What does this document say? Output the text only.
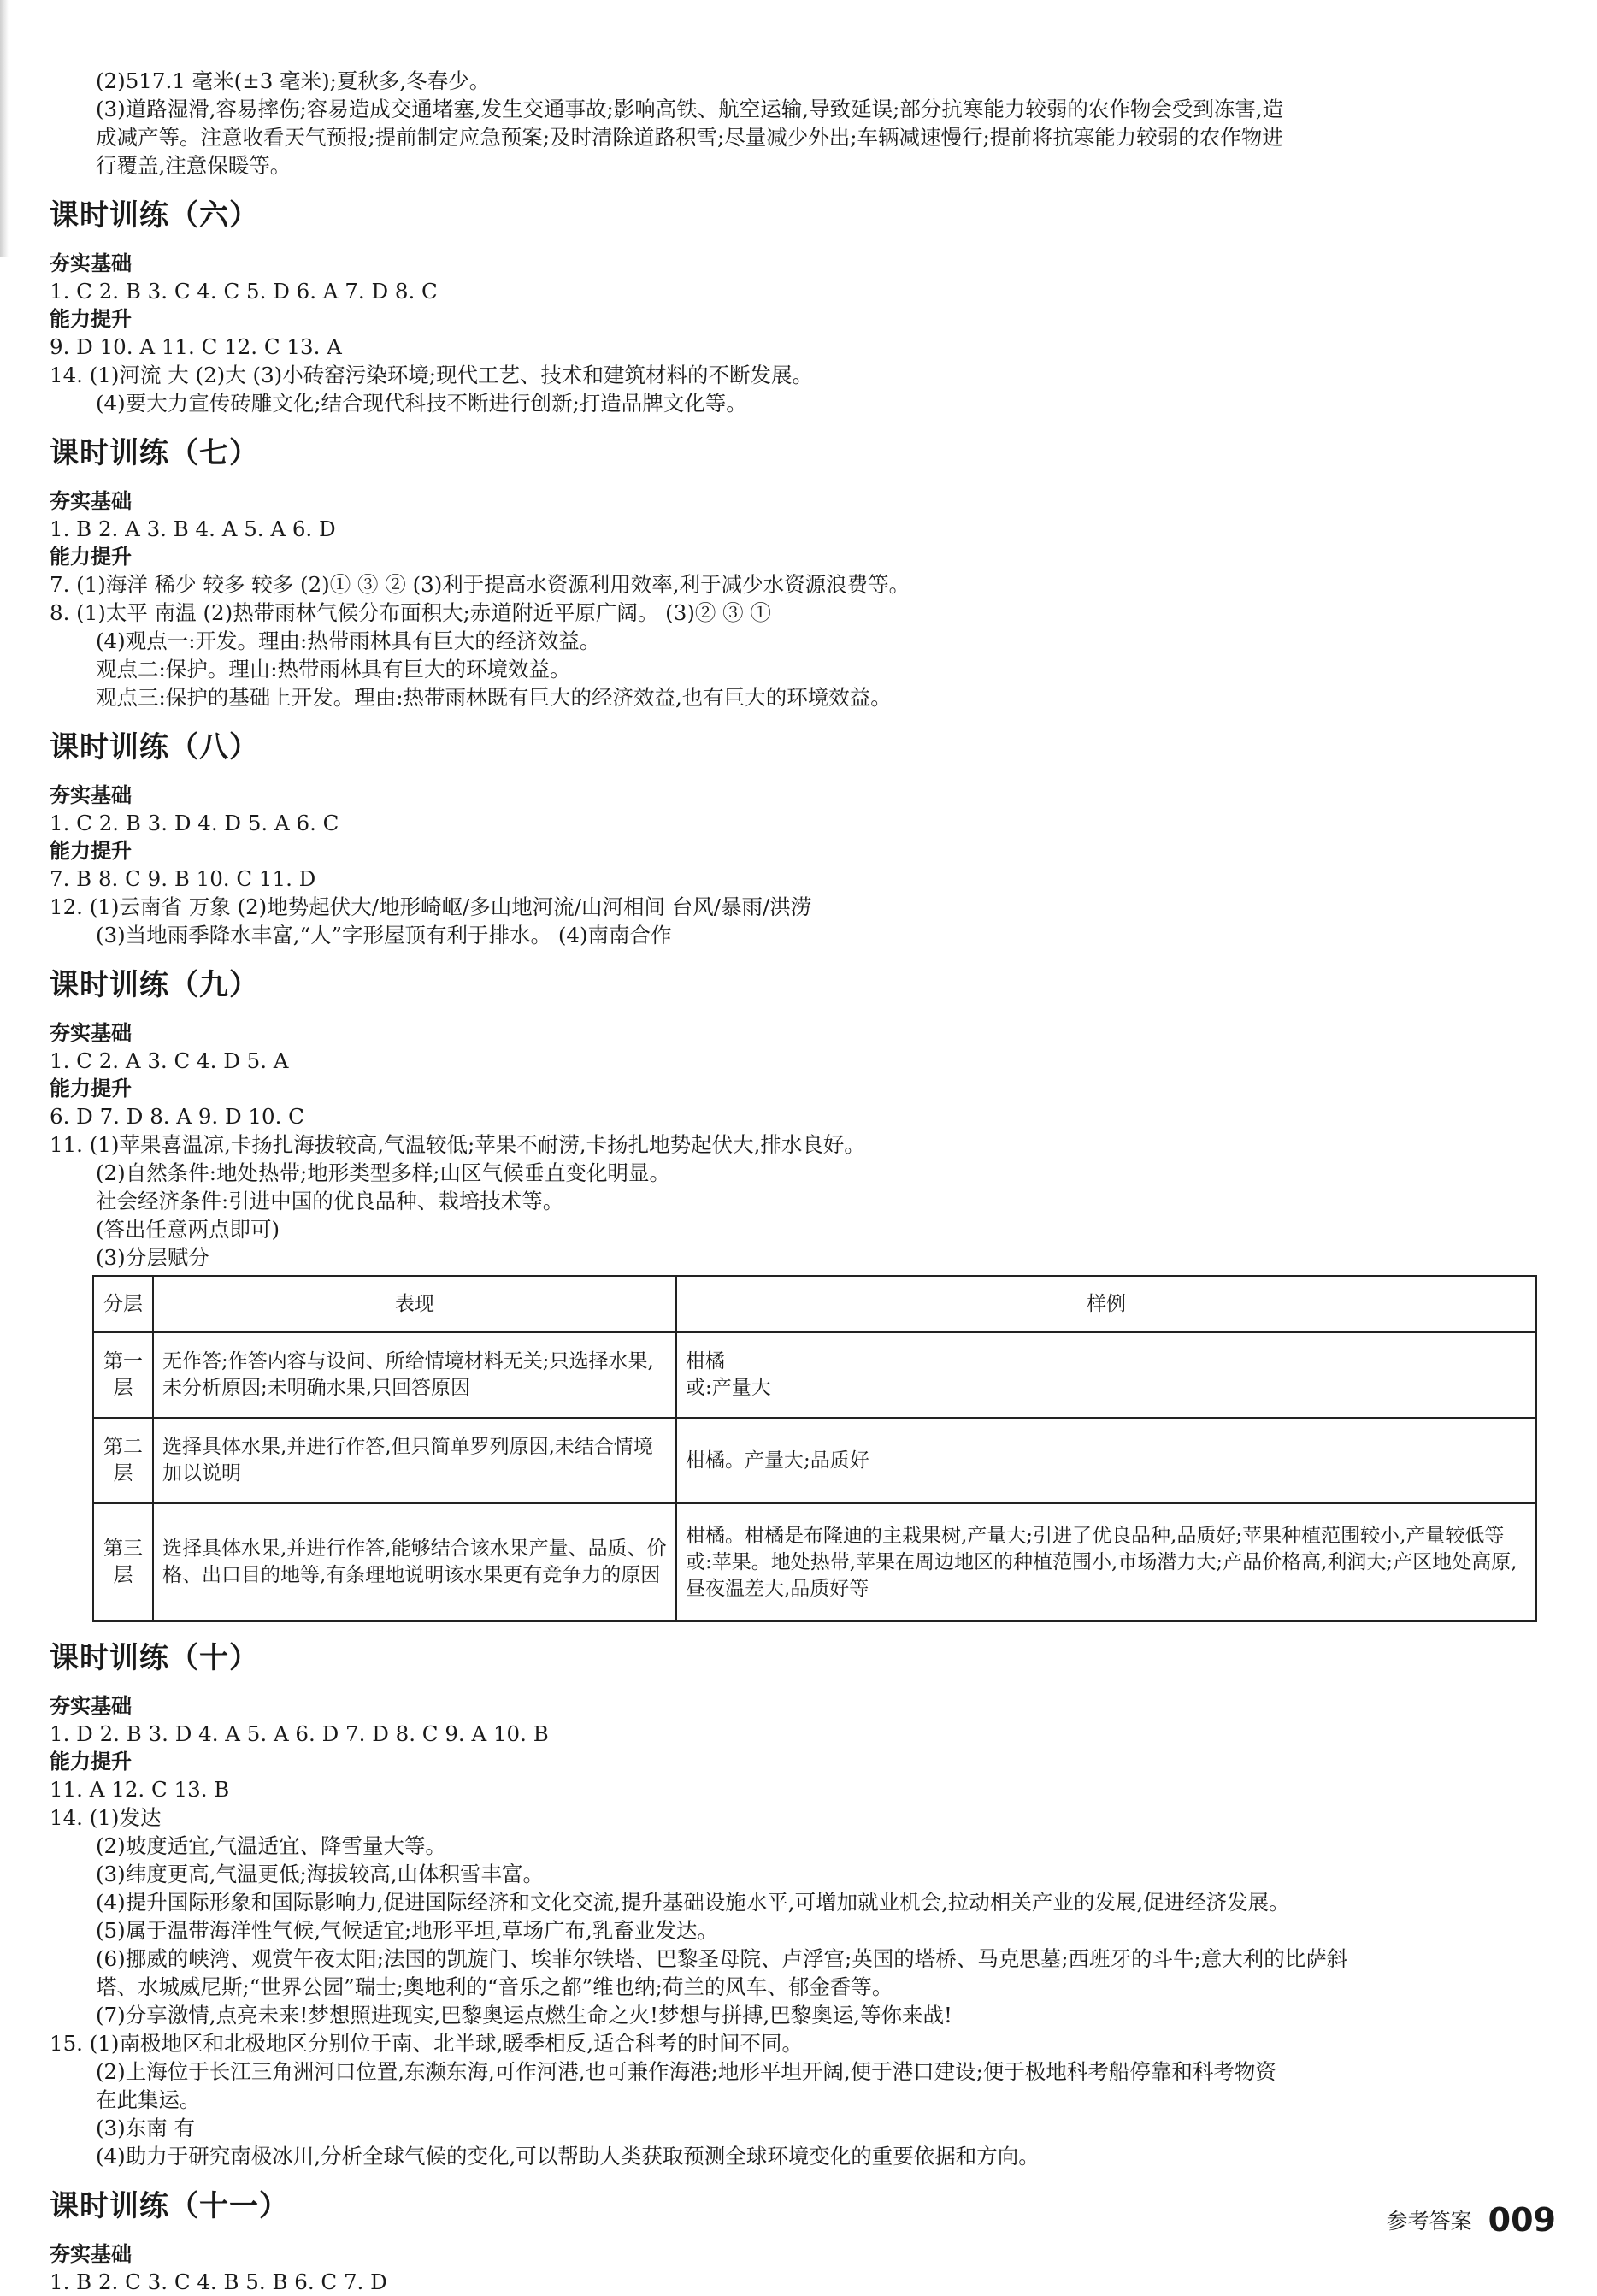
(2)517.1 毫米(±3 毫米);夏秋多,冬春少。
(3)道路湿滑,容易摔伤;容易造成交通堵塞,发生交通事故;影响高铁、航空运输,导致延误;部分抗寒能力较弱的农作物会受到冻害,造
成减产等。注意收看天气预报;提前制定应急预案;及时清除道路积雪;尽量减少外出;车辆减速慢行;提前将抗寒能力较弱的农作物进
行覆盖,注意保暖等。
课时训练（六）
夯实基础
1. C 2. B 3. C 4. C 5. D 6. A 7. D 8. C
能力提升
9. D 10. A 11. C 12. C 13. A
14. (1)河流 大 (2)大 (3)小砖窑污染环境;现代工艺、技术和建筑材料的不断发展。
(4)要大力宣传砖雕文化;结合现代科技不断进行创新;打造品牌文化等。
课时训练（七）
夯实基础
1. B 2. A 3. B 4. A 5. A 6. D
能力提升
7. (1)海洋 稀少 较多 较多 (2)① ③ ② (3)利于提高水资源利用效率,利于减少水资源浪费等。
8. (1)太平 南温 (2)热带雨林气候分布面积大;赤道附近平原广阔。 (3)② ③ ①
(4)观点一:开发。理由:热带雨林具有巨大的经济效益。
观点二:保护。理由:热带雨林具有巨大的环境效益。
观点三:保护的基础上开发。理由:热带雨林既有巨大的经济效益,也有巨大的环境效益。
课时训练（八）
夯实基础
1. C 2. B 3. D 4. D 5. A 6. C
能力提升
7. B 8. C 9. B 10. C 11. D
12. (1)云南省 万象 (2)地势起伏大/地形崎岖/多山地河流/山河相间 台风/暴雨/洪涝
(3)当地雨季降水丰富,“人”字形屋顶有利于排水。 (4)南南合作
课时训练（九）
夯实基础
1. C 2. A 3. C 4. D 5. A
能力提升
6. D 7. D 8. A 9. D 10. C
11. (1)苹果喜温凉,卡扬扎海拔较高,气温较低;苹果不耐涝,卡扬扎地势起伏大,排水良好。
(2)自然条件:地处热带;地形类型多样;山区气候垂直变化明显。
社会经济条件:引进中国的优良品种、栽培技术等。
(答出任意两点即可)
(3)分层赋分
分层	表现	样例
第一层	无作答;作答内容与设问、所给情境材料无关;只选择水果,未分析原因;未明确水果,只回答原因	柑橘
或:产量大

第二层	选择具体水果,并进行作答,但只简单罗列原因,未结合情境加以说明	柑橘。产量大;品质好
第三层	选择具体水果,并进行作答,能够结合该水果产量、品质、价格、出口目的地等,有条理地说明该水果更有竞争力的原因	柑橘。柑橘是布隆迪的主栽果树,产量大;引进了优良品种,品质好;苹果种植范围较小,产量较低等
或:苹果。地处热带,苹果在周边地区的种植范围小,市场潜力大;产品价格高,利润大;产区地处高原,昼夜温差大,品质好等
课时训练（十）
夯实基础
1. D 2. B 3. D 4. A 5. A 6. D 7. D 8. C 9. A 10. B
能力提升
11. A 12. C 13. B
14. (1)发达
(2)坡度适宜,气温适宜、降雪量大等。
(3)纬度更高,气温更低;海拔较高,山体积雪丰富。
(4)提升国际形象和国际影响力,促进国际经济和文化交流,提升基础设施水平,可增加就业机会,拉动相关产业的发展,促进经济发展。
(5)属于温带海洋性气候,气候适宜;地形平坦,草场广布,乳畜业发达。
(6)挪威的峡湾、观赏午夜太阳;法国的凯旋门、埃菲尔铁塔、巴黎圣母院、卢浮宫;英国的塔桥、马克思墓;西班牙的斗牛;意大利的比萨斜
塔、水城威尼斯;“世界公园”瑞士;奥地利的“音乐之都”维也纳;荷兰的风车、郁金香等。
(7)分享激情,点亮未来!梦想照进现实,巴黎奥运点燃生命之火!梦想与拼搏,巴黎奥运,等你来战!
15. (1)南极地区和北极地区分别位于南、北半球,暖季相反,适合科考的时间不同。
(2)上海位于长江三角洲河口位置,东濒东海,可作河港,也可兼作海港;地形平坦开阔,便于港口建设;便于极地科考船停靠和科考物资
在此集运。
(3)东南 有
(4)助力于研究南极冰川,分析全球气候的变化,可以帮助人类获取预测全球环境变化的重要依据和方向。
课时训练（十一）
夯实基础
1. B 2. C 3. C 4. B 5. B 6. C 7. D
参考答案 009
